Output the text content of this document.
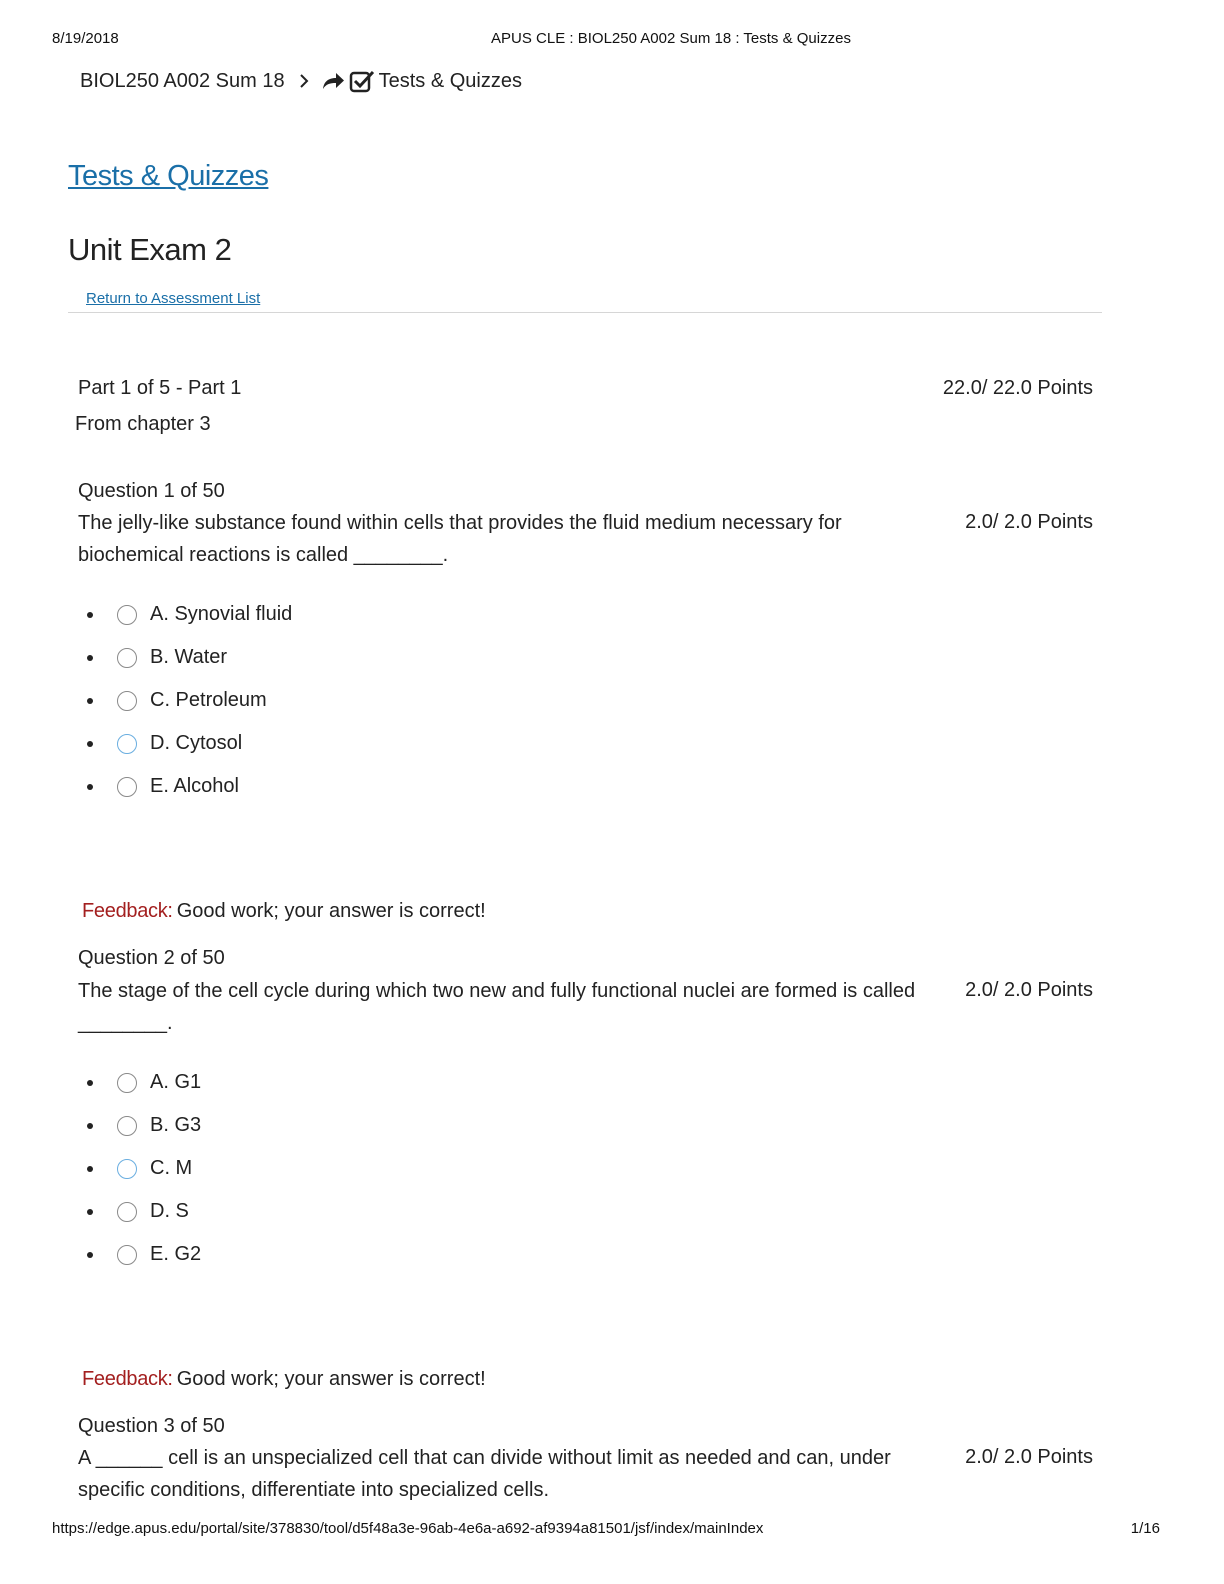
8/19/2018	APUS CLE : BIOL250 A002 Sum 18 : Tests & Quizzes
BIOL250 A002 Sum 18	Tests & Quizzes
Tests & Quizzes
Unit Exam 2
Return to Assessment List
Part 1 of 5 - Part 1	22.0/ 22.0 Points
From chapter 3
Question 1 of 50
The jelly-like substance found within cells that provides the fluid medium necessary for biochemical reactions is called ________.
2.0/ 2.0 Points
A. Synovial fluid
B. Water
C. Petroleum
D. Cytosol
E. Alcohol
Feedback: Good work; your answer is correct!
Question 2 of 50
The stage of the cell cycle during which two new and fully functional nuclei are formed is called ________.
2.0/ 2.0 Points
A. G1
B. G3
C. M
D. S
E. G2
Feedback: Good work; your answer is correct!
Question 3 of 50
A ______ cell is an unspecialized cell that can divide without limit as needed and can, under specific conditions, differentiate into specialized cells.
2.0/ 2.0 Points
https://edge.apus.edu/portal/site/378830/tool/d5f48a3e-96ab-4e6a-a692-af9394a81501/jsf/index/mainIndex	1/16
